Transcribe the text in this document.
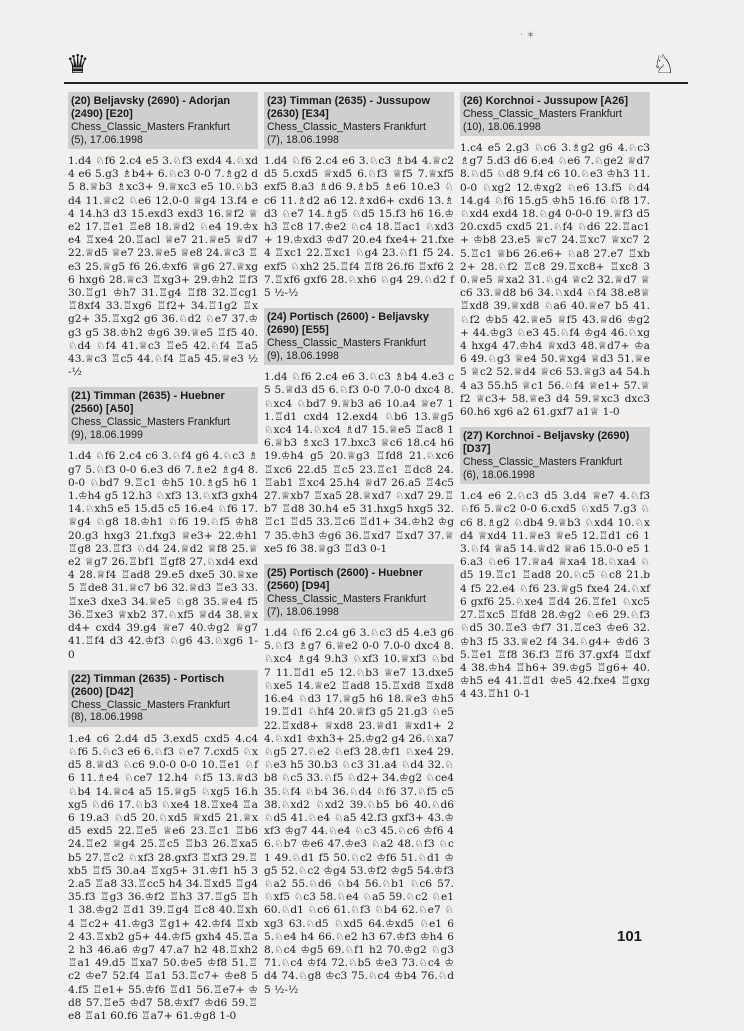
· ✶
♛	♘
(20) Beljavsky (2690) - Adorjan (2490) [E20]
Chess_Classic_Masters Frankfurt
(5), 17.06.1998
1.d4 ♘f6 2.c4 e5 3.♘f3 exd4 4.♘xd4 e6 5.g3 ♗b4+ 6.♘c3 0-0 7.♗g2 d5 8.♕b3 ♗xc3+ 9.♕xc3 e5 10.♘b3 d4 11.♕c2 ♘e6 12.0-0 ♕g4 13.f4 e4 14.h3 d3 15.exd3 exd3 16.♕f2 ♕e2 17.♖e1 ♖e8 18.♕d2 ♘e4 19.♔xe4 ♖xe4 20.♖acl ♕e7 21.♕e5 ♕d7 22.♕d5 ♕e7 23.♕e5 ♕e8 24.♕c3 ♖e3 25.♕g5 f6 26.♔xf6 ♕g6 27.♕xg6 hxg6 28.♕c3 ♖xg3+ 29.♔h2 ♖f3 30.♖g1 ♔h7 31.♖g4 ♖f8 32.♖cg1 ♖8xf4 33.♖xg6 ♖f2+ 34.♖1g2 ♖xg2+ 35.♖xg2 g6 36.♘d2 ♘e7 37.♔g3 g5 38.♔h2 ♔g6 39.♕e5 ♖f5 40.♘d4 ♘f4 41.♕c3 ♖e5 42.♘f4 ♖a5 43.♕c3 ♖c5 44.♘f4 ♖a5 45.♕e3 ½-½
(21) Timman (2635) - Huebner (2560) [A50]
Chess_Classic_Masters Frankfurt
(9), 18.06.1999
1.d4 ♘f6 2.c4 c6 3.♘f4 g6 4.♘c3 ♗g7 5.♘f3 0-0 6.e3 d6 7.♗e2 ♗g4 8.0-0 ♘bd7 9.♖c1 ♔h5 10.♗g5 h6 11.♔h4 g5 12.h3 ♘xf3 13.♘xf3 gxh4 14.♘xh5 e5 15.d5 c5 16.e4 ♘f6 17.♕g4 ♘g8 18.♔h1 ♘f6 19.♘f5 ♔h8 20.g3 hxg3 21.fxg3 ♕e3+ 22.♔h1 ♖g8 23.♖f3 ♘d4 24.♕d2 ♕f8 25.♕e2 ♕g7 26.♖bf1 ♖gf8 27.♘xd4 exd4 28.♕f4 ♖ad8 29.e5 dxe5 30.♕xe5 ♖de8 31.♕c7 b6 32.♕d3 ♖e3 33.♖xe3 dxe3 34.♕e5 ♘g8 35.♕e4 f5 36.♖xe3 ♕xb2 37.♘xf5 ♕d4 38.♕xd4+ cxd4 39.g4 ♕e7 40.♔g2 ♕g7 41.♖f4 d3 42.♔f3 ♘g6 43.♘xg6 1-0
(22) Timman (2635) - Portisch (2600) [D42]
Chess_Classic_Masters Frankfurt
(8), 18.06.1998
1.e4 c6 2.d4 d5 3.exd5 cxd5 4.c4 ♘f6 5.♘c3 e6 6.♘f3 ♘e7 7.cxd5 ♘xd5 8.♕d3 ♘c6 9.0-0 0-0 10.♖e1 ♘f6 11.♗e4 ♘ce7 12.h4 ♘f5 13.♕d3 ♘b4 14.♕c4 a5 15.♕g5 ♘xg5 16.hxg5 ♘d6 17.♘b3 ♘xe4 18.♖xe4 ♖a6 19.a3 ♘d5 20.♘xd5 ♕xd5 21.♕xd5 exd5 22.♖e5 ♕e6 23.♖c1 ♖b6 24.♖e2 ♕g4 25.♖c5 ♖b3 26.♖xa5 b5 27.♖c2 ♘xf3 28.gxf3 ♖xf3 29.♖xb5 ♖f5 30.a4 ♖xg5+ 31.♔f1 h5 32.a5 ♖a8 33.♖cc5 h4 34.♖xd5 ♖g4 35.f3 ♖g3 36.♔f2 ♖h3 37.♖g5 ♖h1 38.♔g2 ♖d1 39.♖g4 ♖c8 40.♖xh4 ♖c2+ 41.♔g3 ♖g1+ 42.♔f4 ♖xb2 43.♖xb2 g5+ 44.♔f5 gxh4 45.♖a2 h3 46.a6 ♔g7 47.a7 h2 48.♖xh2 ♖a1 49.d5 ♖xa7 50.♔e5 ♔f8 51.♖c2 ♔e7 52.f4 ♖a1 53.♖c7+ ♔e8 54.f5 ♖e1+ 55.♔f6 ♖d1 56.♖e7+ ♔d8 57.♖e5 ♔d7 58.♔xf7 ♔d6 59.♖e8 ♖a1 60.f6 ♖a7+ 61.♔g8 1-0
(23) Timman (2635) - Jussupow (2630) [E34]
Chess_Classic_Masters Frankfurt
(7), 18.06.1998
1.d4 ♘f6 2.c4 e6 3.♘c3 ♗b4 4.♕c2 d5 5.cxd5 ♕xd5 6.♘f3 ♕f5 7.♕xf5 exf5 8.a3 ♗d6 9.♗b5 ♗e6 10.e3 ♘c6 11.♗d2 a6 12.♗xd6+ cxd6 13.♗d3 ♘e7 14.♗g5 ♘d5 15.f3 h6 16.♔h3 ♖c8 17.♔e2 ♘c4 18.♖ac1 ♘xd3+ 19.♔xd3 ♔d7 20.e4 fxe4+ 21.fxe4 ♖xc1 22.♖xc1 ♘g4 23.♘f1 f5 24.exf5 ♘xh2 25.♖f4 ♖f8 26.f6 ♖xf6 27.♖xf6 gxf6 28.♘xh6 ♘g4 29.♘d2 f5 ½-½
(24) Portisch (2600) - Beljavsky (2690) [E55]
Chess_Classic_Masters Frankfurt
(9), 18.06.1998
1.d4 ♘f6 2.c4 e6 3.♘c3 ♗b4 4.e3 c5 5.♕d3 d5 6.♘f3 0-0 7.0-0 dxc4 8.♘xc4 ♘bd7 9.♕b3 a6 10.a4 ♕e7 11.♖d1 cxd4 12.exd4 ♘b6 13.♕g5 ♘xc4 14.♘xc4 ♗d7 15.♕e5 ♖ac8 16.♕b3 ♗xc3 17.bxc3 ♕c6 18.c4 h6 19.♔h4 g5 20.♕g3 ♖fd8 21.♘xc6 ♖xc6 22.d5 ♖c5 23.♖c1 ♖dc8 24.♖ab1 ♖xc4 25.h4 ♕d7 26.a5 ♖4c5 27.♕xb7 ♖xa5 28.♕xd7 ♘xd7 29.♖b7 ♖d8 30.h4 e5 31.hxg5 hxg5 32.♖c1 ♖d5 33.♖c6 ♖d1+ 34.♔h2 ♔g7 35.♔h3 ♔g6 36.♖xd7 ♖xd7 37.♕xe5 f6 38.♕g3 ♖d3 0-1
(25) Portisch (2600) - Huebner (2560) [D94]
Chess_Classic_Masters Frankfurt
(7), 18.06.1998
1.d4 ♘f6 2.c4 g6 3.♘c3 d5 4.e3 g6 5.♘f3 ♗g7 6.♕e2 0-0 7.0-0 dxc4 8.♘xc4 ♗g4 9.h3 ♘xf3 10.♕xf3 ♘bd7 11.♖d1 e5 12.♘b3 ♕e7 13.dxe5 ♘xe5 14.♕e2 ♖ad8 15.♖xd8 ♖xd8 16.e4 ♘d3 17.♕g5 h6 18.♕e3 ♔h5 19.♖d1 ♘hf4 20.♕f3 g5 21.g3 ♘e5 22.♖xd8+ ♕xd8 23.♕d1 ♕xd1+ 24.♘xd1 ♔xh3+ 25.♔g2 g4 26.♘xa7 ♘g5 27.♘e2 ♘ef3 28.♔f1 ♘xe4 29.♘e3 h5 30.b3 ♘c3 31.a4 ♘d4 32.♘b8 ♘c5 33.♘f5 ♘d2+ 34.♔g2 ♘ce4 35.♘f4 ♘b4 36.♘d4 ♘f6 37.♘f5 c5 38.♘xd2 ♘xd2 39.♘b5 b6 40.♘d6 ♘d5 41.♘e4 ♘a5 42.f3 gxf3+ 43.♔xf3 ♔g7 44.♘e4 ♘c3 45.♘c6 ♔f6 46.♘b7 ♔e6 47.♔e3 ♘a2 48.♘f3 ♘c1 49.♘d1 f5 50.♘c2 ♔f6 51.♘d1 ♔g5 52.♘c2 ♔g4 53.♔f2 ♔g5 54.♔f3 ♘a2 55.♘d6 ♘b4 56.♘b1 ♘c6 57.♘xf5 ♘c3 58.♘e4 ♘a5 59.♘c2 ♘e1 60.♘d1 ♘c6 61.♘f3 ♘b4 62.♘e7 ♘xg3 63.♘d5 ♘xd5 64.♔xd5 ♘e1 65.♘e4 h4 66.♘e2 h3 67.♔f3 ♔h4 68.♘c4 ♔g5 69.♘f1 h2 70.♔g2 ♘g3 71.♘c4 ♔f4 72.♘b5 ♔e3 73.♘c4 ♔d4 74.♘g8 ♔c3 75.♘c4 ♔b4 76.♘d5 ½-½
(26) Korchnoi - Jussupow [A26]
Chess_Classic_Masters Frankfurt
(10), 18.06.1998
1.c4 e5 2.g3 ♘c6 3.♗g2 g6 4.♘c3 ♗g7 5.d3 d6 6.e4 ♘e6 7.♘ge2 ♕d7 8.♘d5 ♘d8 9.f4 c6 10.♘e3 ♔h3 11.0-0 ♘xg2 12.♔xg2 ♘e6 13.f5 ♘d4 14.g4 ♘f6 15.g5 ♔h5 16.f6 ♘f8 17.♘xd4 exd4 18.♘g4 0-0-0 19.♕f3 d5 20.cxd5 cxd5 21.♘f4 ♘d6 22.♖ac1+ ♔b8 23.e5 ♕c7 24.♖xc7 ♕xc7 25.♖c1 ♕b6 26.e6+ ♘a8 27.e7 ♖xb2+ 28.♘f2 ♖c8 29.♖xc8+ ♖xc8 30.♕e5 ♕xa2 31.♘g4 ♕c2 32.♕d7 ♕c6 33.♕d8 b6 34.♘xd4 ♘f4 38.e8♕ ♖xd8 39.♕xd8 ♘a6 40.♕e7 b5 41.♘f2 ♔b5 42.♕e5 ♕f5 43.♕d6 ♔g2+ 44.♔g3 ♘e3 45.♘f4 ♔g4 46.♘xg4 hxg4 47.♔h4 ♕xd3 48.♕d7+ ♔a6 49.♘g3 ♕e4 50.♕xg4 ♕d3 51.♕e5 ♕c2 52.♕d4 ♕c6 53.♕g3 a4 54.h4 a3 55.h5 ♕c1 56.♘f4 ♕e1+ 57.♕f2 ♕c3+ 58.♕e3 d4 59.♕xc3 dxc3 60.h6 xg6 a2 61.gxf7 a1♕ 1-0
(27) Korchnoi - Beljavsky (2690) [D37]
Chess_Classic_Masters Frankfurt
(6), 18.06.1998
1.c4 e6 2.♘c3 d5 3.d4 ♕e7 4.♘f3 ♘f6 5.♕c2 0-0 6.cxd5 ♘xd5 7.g3 ♘c6 8.♗g2 ♘db4 9.♕b3 ♘xd4 10.♘xd4 ♕xd4 11.♕e3 ♕e5 12.♖d1 c6 13.♘f4 ♕a5 14.♕d2 ♕a6 15.0-0 e5 16.a3 ♘e6 17.♕a4 ♕xa4 18.♘xa4 ♘d5 19.♖c1 ♖ad8 20.♘c5 ♘c8 21.b4 f5 22.e4 ♘f6 23.♕g5 fxe4 24.♘xf6 gxf6 25.♘xe4 ♖d4 26.♖fe1 ♘xc5 27.♖xc5 ♖fd8 28.♔g2 ♘e6 29.♘f3 ♘d5 30.♖e3 ♔f7 31.♖ce3 ♔e6 32.♔h3 f5 33.♕e2 f4 34.♘g4+ ♔d6 35.♖e1 ♖f8 36.f3 ♖f6 37.gxf4 ♖dxf4 38.♔h4 ♖h6+ 39.♔g5 ♖g6+ 40.♔h5 e4 41.♖d1 ♔e5 42.fxe4 ♖gxg4 43.♖h1 0-1
101
